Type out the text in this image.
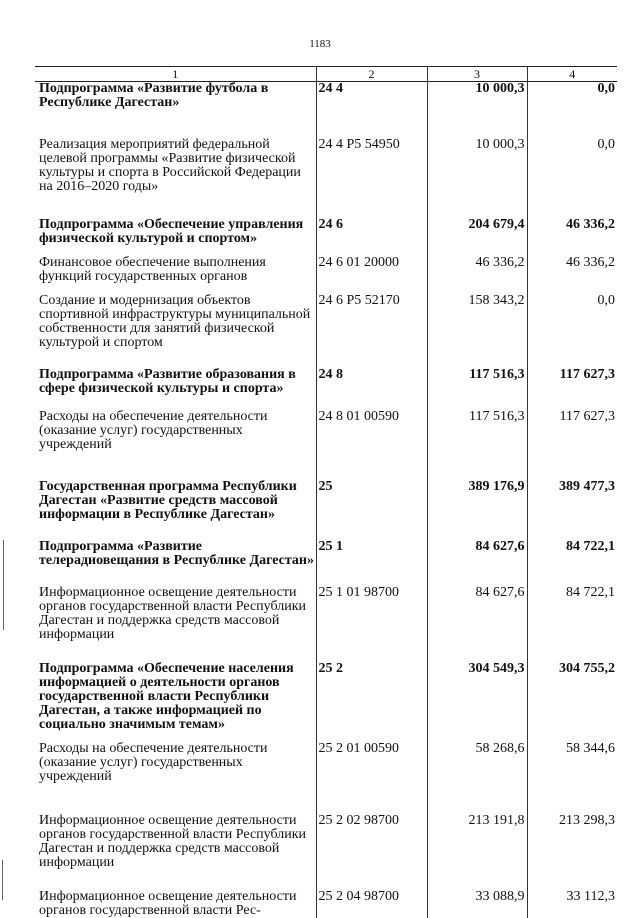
1183
1	2	3	4
Подпрограмма «Развитие футбола в Республике Дагестан»	24 4	10 000,3	0,0
Реализация мероприятий федеральной целевой программы «Развитие физической культуры и спорта в Российской Федерации на 2016–2020 годы»	24 4 P5 54950	10 000,3	0,0
Подпрограмма «Обеспечение управления физической культурой и спортом»	24 6	204 679,4	46 336,2
Финансовое обеспечение выполнения функций государственных органов	24 6 01 20000	46 336,2	46 336,2
Создание и модернизация объектов спортивной инфраструктуры муниципальной собственности для занятий физической культурой и спортом	24 6 P5 52170	158 343,2	0,0
Подпрограмма «Развитие образования в сфере физической культуры и спорта»	24 8	117 516,3	117 627,3
Расходы на обеспечение деятельности (оказание услуг) государственных учреждений	24 8 01 00590	117 516,3	117 627,3
Государственная программа Республики Дагестан «Развитие средств массовой информации в Республике Дагестан»	25	389 176,9	389 477,3
Подпрограмма «Развитие телерадиовещания в Республике Дагестан»	25 1	84 627,6	84 722,1
Информационное освещение деятельности органов государственной власти Республики Дагестан и поддержка средств массовой информации	25 1 01 98700	84 627,6	84 722,1
Подпрограмма «Обеспечение населения информацией о деятельности органов государственной власти Республики Дагестан, а также информацией по социально значимым темам»	25 2	304 549,3	304 755,2
Расходы на обеспечение деятельности (оказание услуг) государственных учреждений	25 2 01 00590	58 268,6	58 344,6
Информационное освещение деятельности органов государственной власти Республики Дагестан и поддержка средств массовой информации	25 2 02 98700	213 191,8	213 298,3
Информационное освещение деятельности органов государственной власти Рес-	25 2 04 98700	33 088,9	33 112,3
